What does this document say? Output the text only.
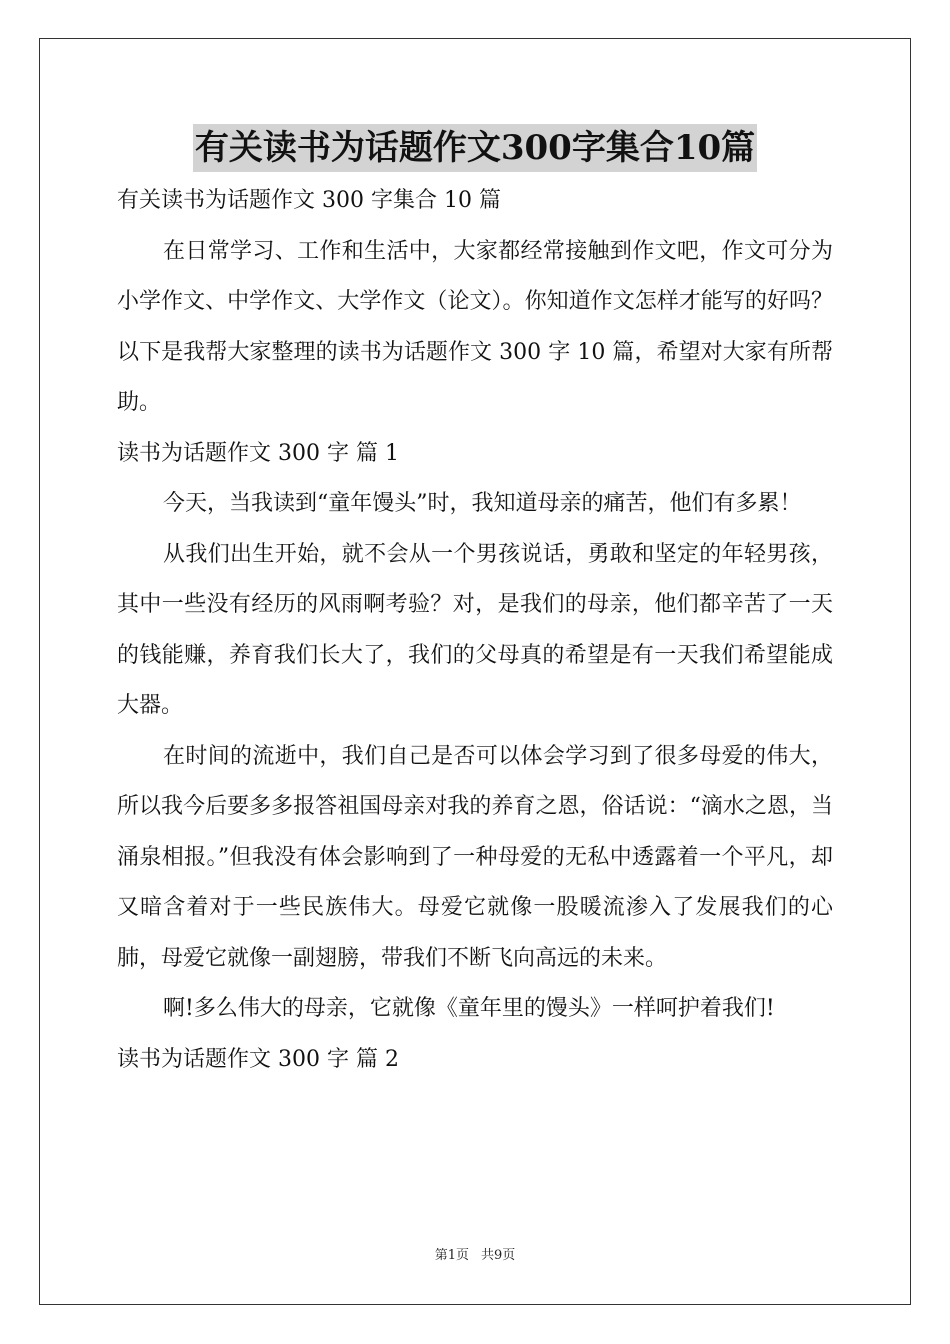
有关读书为话题作文300字集合10篇

有关读书为话题作文 300 字集合 10 篇

在日常学习、工作和生活中，大家都经常接触到作文吧，作文可分为小学作文、中学作文、大学作文（论文）。你知道作文怎样才能写的好吗？以下是我帮大家整理的读书为话题作文 300 字 10 篇，希望对大家有所帮助。

读书为话题作文 300 字 篇 1

今天，当我读到“童年馒头”时，我知道母亲的痛苦，他们有多累！

从我们出生开始，就不会从一个男孩说话，勇敢和坚定的年轻男孩，其中一些没有经历的风雨啊考验？对，是我们的母亲，他们都辛苦了一天的钱能赚，养育我们长大了，我们的父母真的希望是有一天我们希望能成大器。

在时间的流逝中，我们自己是否可以体会学习到了很多母爱的伟大，所以我今后要多多报答祖国母亲对我的养育之恩，俗话说：“滴水之恩，当涌泉相报。”但我没有体会影响到了一种母爱的无私中透露着一个平凡，却又暗含着对于一些民族伟大。母爱它就像一股暖流渗入了发展我们的心肺，母爱它就像一副翅膀，带我们不断飞向高远的未来。

啊!多么伟大的母亲，它就像《童年里的馒头》一样呵护着我们!

读书为话题作文 300 字 篇 2

第1页 共9页
